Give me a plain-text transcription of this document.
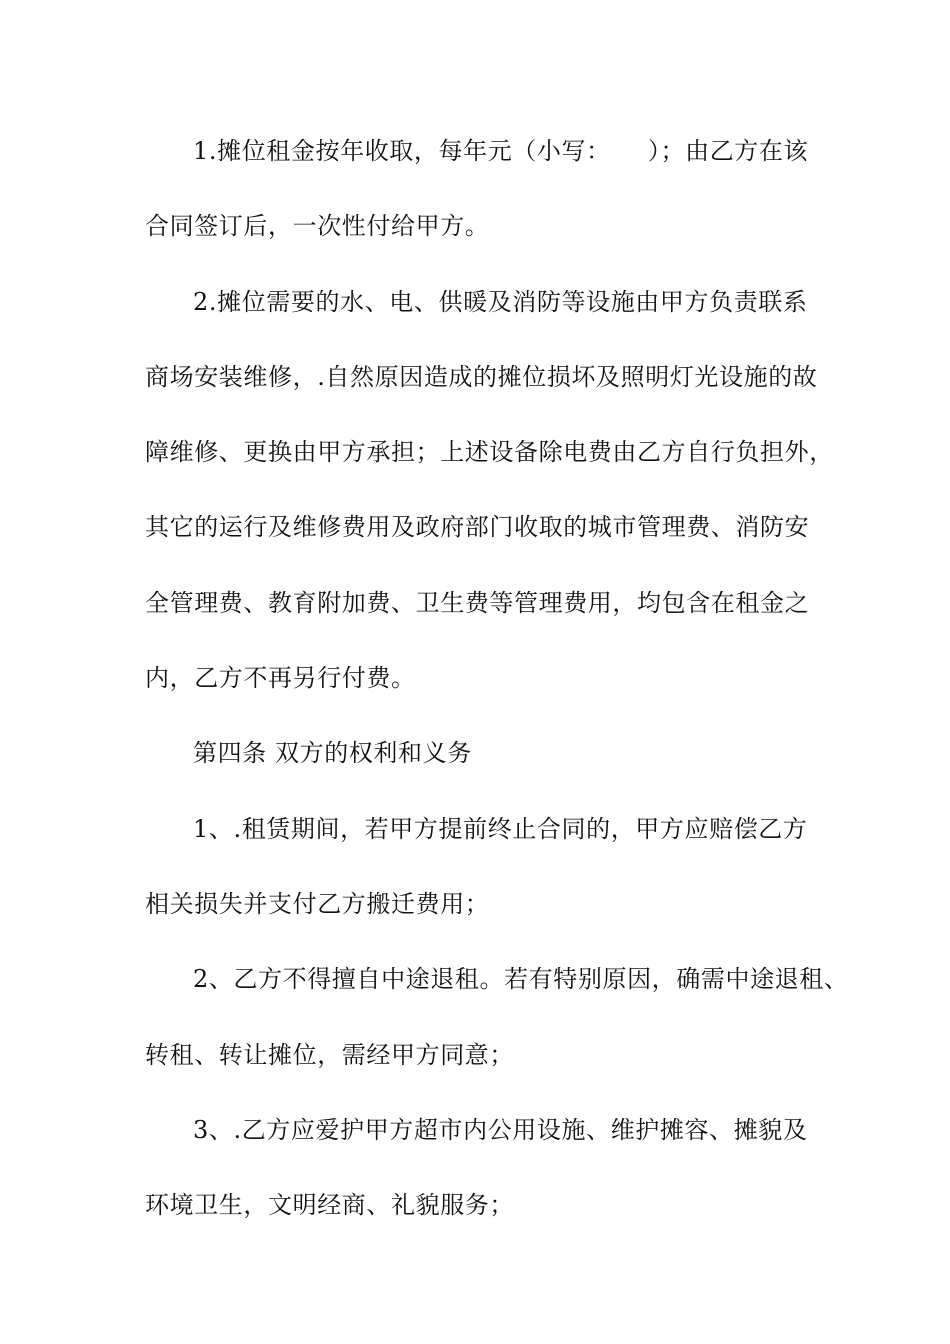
1.摊位租金按年收取，每年元（小写：　　）；由乙方在该
合同签订后，一次性付给甲方。
2.摊位需要的水、电、供暖及消防等设施由甲方负责联系
商场安装维修，.自然原因造成的摊位损坏及照明灯光设施的故
障维修、更换由甲方承担；上述设备除电费由乙方自行负担外，
其它的运行及维修费用及政府部门收取的城市管理费、消防安
全管理费、教育附加费、卫生费等管理费用，均包含在租金之
内，乙方不再另行付费。
第四条 双方的权利和义务
1、.租赁期间，若甲方提前终止合同的，甲方应赔偿乙方
相关损失并支付乙方搬迁费用；
2、乙方不得擅自中途退租。若有特别原因，确需中途退租、
转租、转让摊位，需经甲方同意；
3、.乙方应爱护甲方超市内公用设施、维护摊容、摊貌及
环境卫生，文明经商、礼貌服务；
